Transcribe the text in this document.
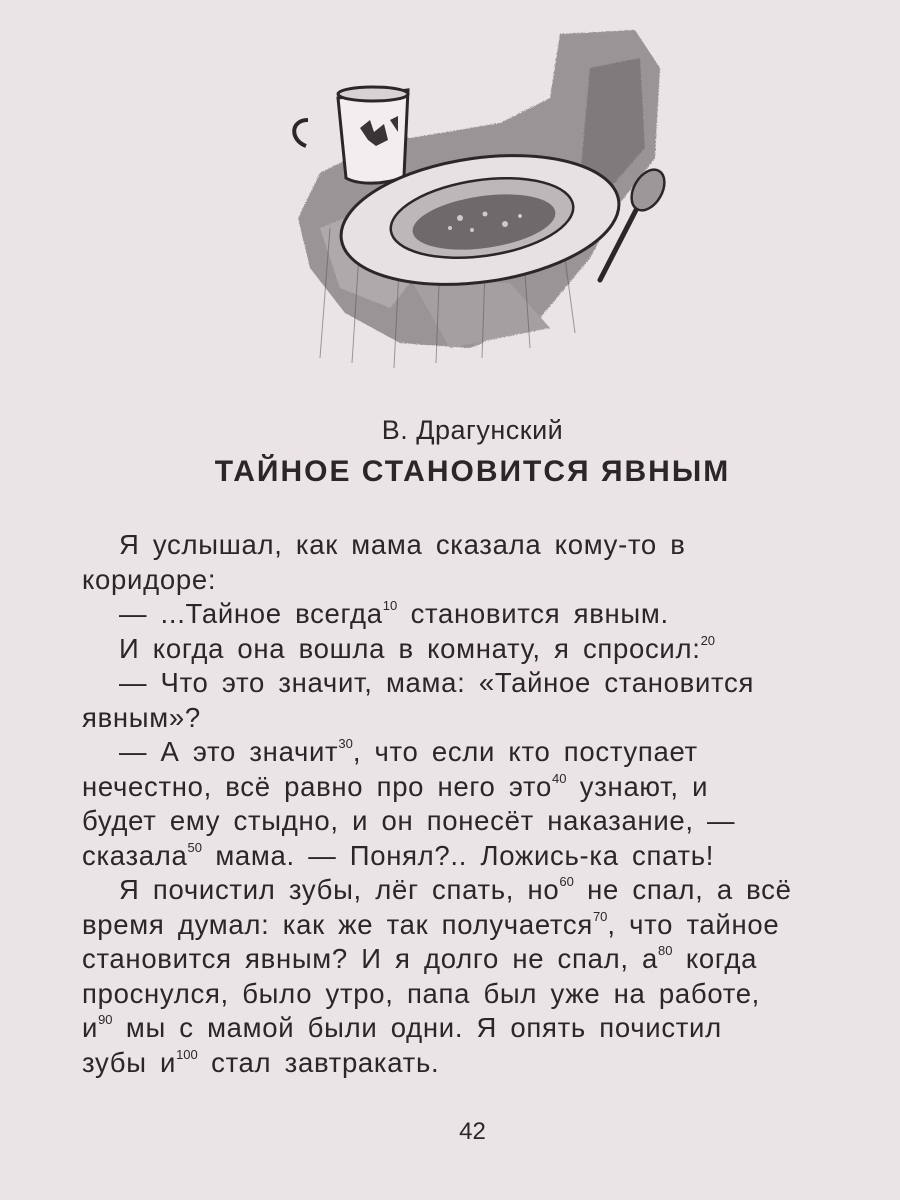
В. Драгунский
ТАЙНОЕ СТАНОВИТСЯ ЯВНЫМ
Я услышал, как мама сказала кому-то в
коридоре:
— ...Тайное всегда$^{10}$ становится явным.
И когда она вошла в комнату, я спросил:$^{20}$
— Что это значит, мама: «Тайное становится
явным»?
— А это значит$^{30}$, что если кто поступает
нечестно, всё равно про него это$^{40}$ узнают, и
будет ему стыдно, и он понесёт наказание, —
сказала$^{50}$ мама. — Понял?.. Ложись-ка спать!
Я почистил зубы, лёг спать, $но^{60}$ не спал, а всё
время думал: как же так получается$^{70}$, что тайное
становится явным? И я долго не спал, $а^{80}$ когда
проснулся, было утро, папа был уже на работе,
$и^{90}$ мы с мамой были одни. Я опять почистил
зубы $и^{100}$ стал завтракать.
42
